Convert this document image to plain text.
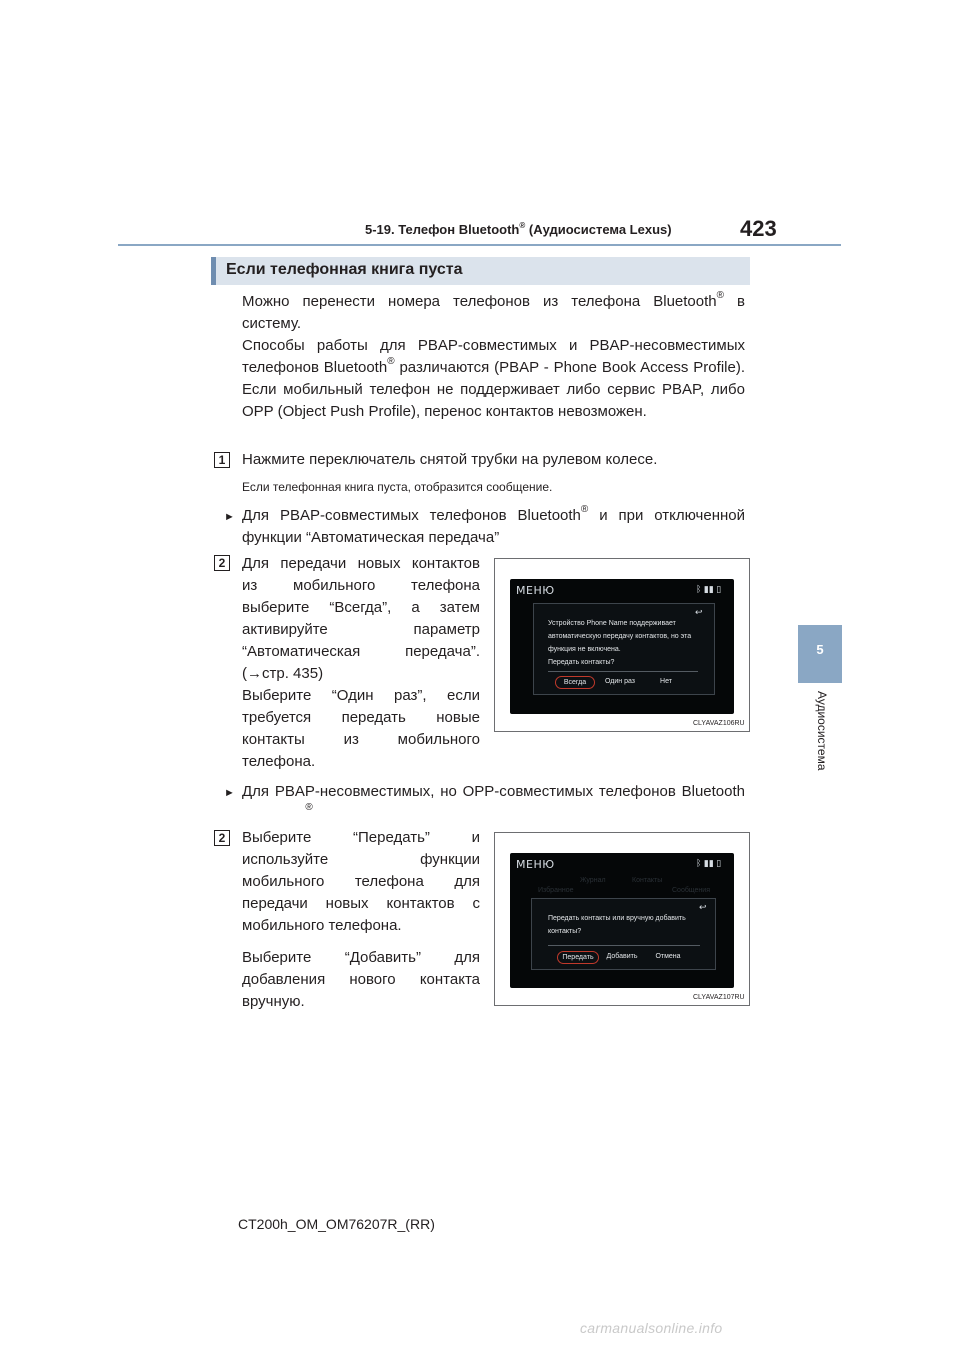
5-19. Телефон Bluetooth® (Аудиосистема Lexus)	423
5
Аудиосистема
Если телефонная книга пуста
Можно перенести номера телефонов из телефона Bluetooth® в систему.
Способы работы для PBAP-совместимых и PBAP-несовместимых телефонов Bluetooth® различаются (PBAP - Phone Book Access Profile). Если мобильный телефон не поддерживает либо сервис PBAP, либо OPP (Object Push Profile), перенос контактов невозможен.
1	Нажмите переключатель снятой трубки на рулевом колесе.
Если телефонная книга пуста, отобразится сообщение.
► Для PBAP-совместимых телефонов Bluetooth® и при отключенной функции “Автоматическая передача”
2	Для передачи новых контактов
из мобильного телефона
выберите “Всегда”, а затем
активируйте параметр
“Автоматическая передача”.
(→стр. 435)
Выберите “Один раз”, если
требуется передать новые
контакты из мобильного
телефона.
МЕНЮ	ᛒ ▮▮ ▯
↩
Устройство Phone Name поддерживает
автоматическую передачу контактов, но эта
функция не включена.
Передать контакты?
Всегда	Один раз	Нет
CLYAVAZ106RU
► Для PBAP-несовместимых, но OPP-совместимых телефонов Bluetooth
®
2	Выберите “Передать” и
используйте функции
мобильного телефона для
передачи новых контактов с
мобильного телефона.
Выберите “Добавить” для
добавления нового контакта
вручную.
МЕНЮ	ᛒ ▮▮ ▯
Журнал	Контакты
Избранное	Сообщения
↩
Передать контакты или вручную добавить
контакты?
Передать	Добавить	Отмена
CLYAVAZ107RU
CT200h_OM_OM76207R_(RR)
carmanualsonline.info
